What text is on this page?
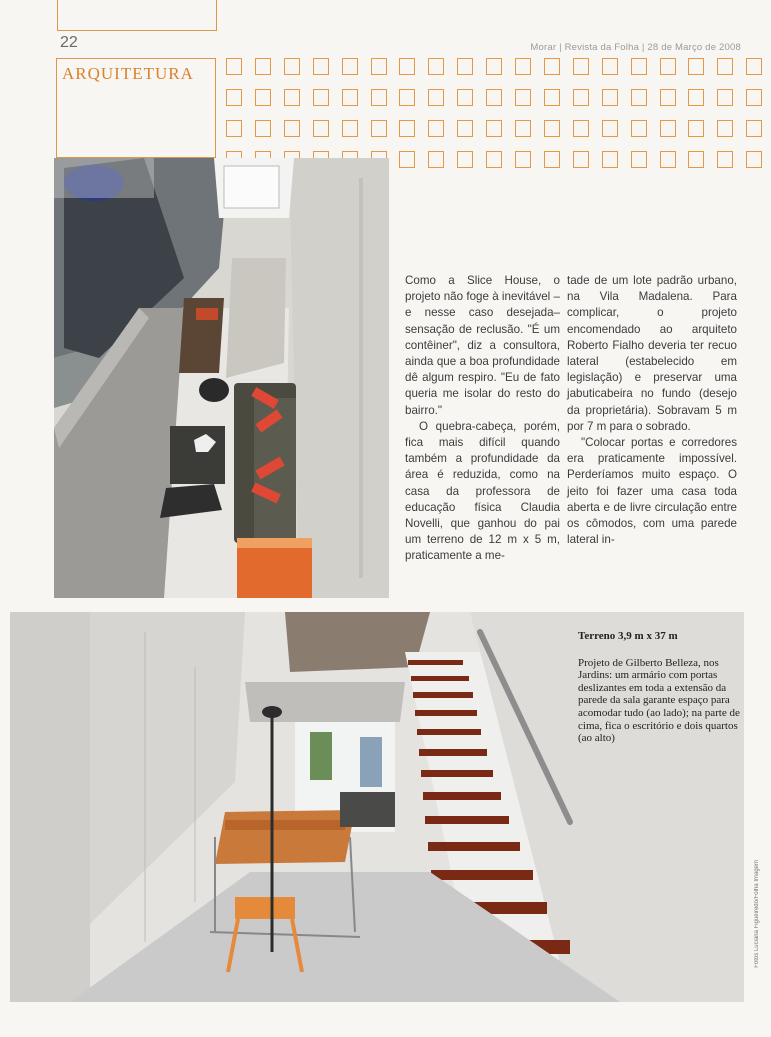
22	Morar | Revista da Folha | 28 de Março de 2008
ARQUITETURA

Como a Slice House, o projeto não foge à inevitável –e nesse caso desejada– sensação de reclusão. "É um contêiner", diz a consultora, ainda que a boa profundidade dê algum respiro. "Eu de fato queria me isolar do resto do bairro."

O quebra-cabeça, porém, fica mais difícil quando também a profundidade da área é reduzida, como na casa da professora de educação física Claudia Novelli, que ganhou do pai um terreno de 12 m x 5 m, praticamente a me-

tade de um lote padrão urbano, na Vila Madalena. Para complicar, o projeto encomendado ao arquiteto Roberto Fialho deveria ter recuo lateral (estabelecido em legislação) e preservar uma jabuticabeira no fundo (desejo da proprietária). Sobravam 5 m por 7 m para o sobrado.

"Colocar portas e corredores era praticamente impossível. Perderíamos muito espaço. O jeito foi fazer uma casa toda aberta e de livre circulação entre os cômodos, com uma parede lateral in-

Terreno 3,9 m x 37 m
Projeto de Gilberto Belleza, nos Jardins: um armário com portas deslizantes em toda a extensão da parede da sala garante espaço para acomodar tudo (ao lado); na parte de cima, fica o escritório e dois quartos (ao alto)
Fotos Luciana Figueiredo/Folha Imagem
